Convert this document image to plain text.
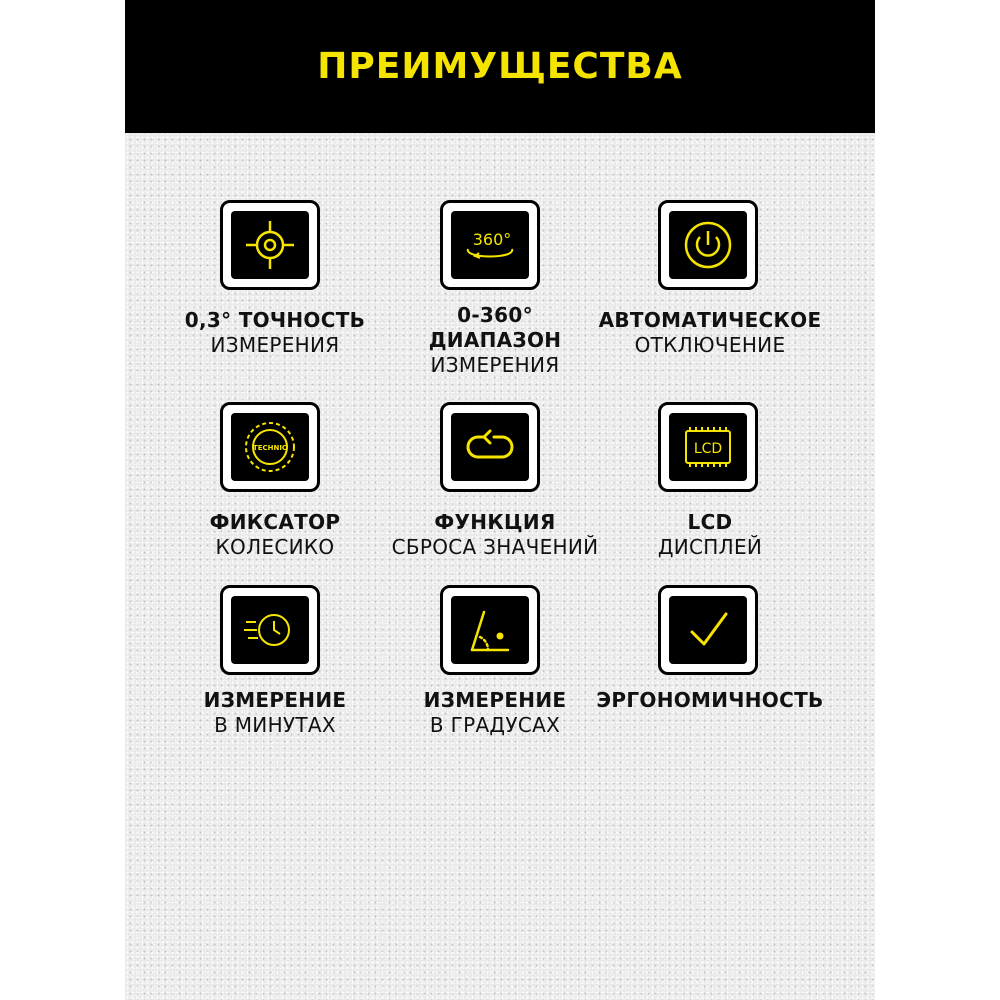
ПРЕИМУЩЕСТВА
0,3° ТОЧНОСТЬ
ИЗМЕРЕНИЯ
360°
0-360°
ДИАПАЗОН
ИЗМЕРЕНИЯ
АВТОМАТИЧЕСКОЕ
ОТКЛЮЧЕНИЕ
TECHNIC
ФИКСАТОР
КОЛЕСИКО
ФУНКЦИЯ
СБРОСА ЗНАЧЕНИЙ
LCD
LCD
ДИСПЛЕЙ
ИЗМЕРЕНИЕ
В МИНУТАХ
ИЗМЕРЕНИЕ
В ГРАДУСАХ
ЭРГОНОМИЧНОСТЬ
